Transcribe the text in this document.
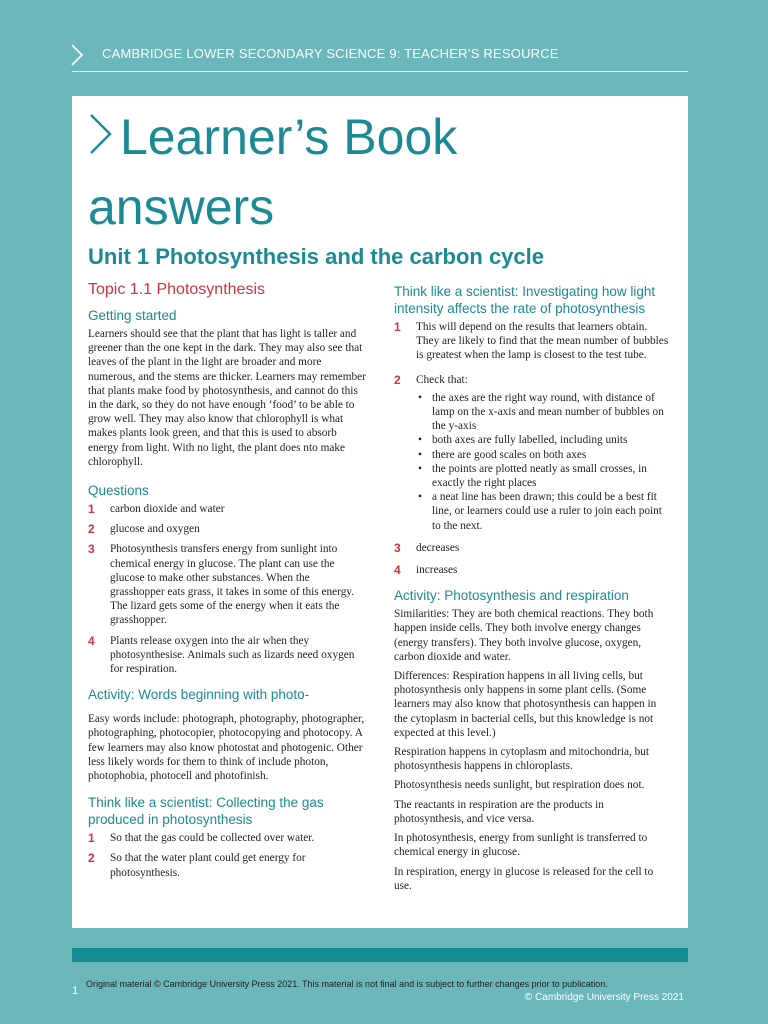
CAMBRIDGE LOWER SECONDARY SCIENCE 9: TEACHER’S RESOURCE
Learner’s Book
answers
Unit 1 Photosynthesis and the carbon cycle
Topic 1.1 Photosynthesis
Getting started

Learners should see that the plant that has light is taller and greener than the one kept in the dark. They may also see that leaves of the plant in the light are broader and more numerous, and the stems are thicker. Learners may remember that plants make food by photosynthesis, and cannot do this in the dark, so they do not have enough ‘food’ to be able to grow well. They may also know that chlorophyll is what makes plants look green, and that this is used to absorb energy from light. With no light, the plant does nto make chlorophyll.

Questions
1	carbon dioxide and water
2	glucose and oxygen
3	Photosynthesis transfers energy from sunlight into chemical energy in glucose. The plant can use the glucose to make other substances. When the grasshopper eats grass, it takes in some of this energy. The lizard gets some of the energy when it eats the grasshopper.
4	Plants release oxygen into the air when they photosynthesise. Animals such as lizards need oxygen for respiration.
Activity: Words beginning with photo-

Easy words include: photograph, photography, photographer, photographing, photocopier, photocopying and photocopy. A few learners may also know photostat and photogenic. Other less likely words for them to think of include photon, photophobia, photocell and photofinish.

Think like a scientist: Collecting the gas produced in photosynthesis
1	So that the gas could be collected over water.
2	So that the water plant could get energy for photosynthesis.
Think like a scientist: Investigating how light intensity affects the rate of photosynthesis
1	This will depend on the results that learners obtain. They are likely to find that the mean number of bubbles is greatest when the lamp is closest to the test tube.
2	Check that:
• the axes are the right way round, with distance of lamp on the x-axis and mean number of bubbles on the y-axis
• both axes are fully labelled, including units
• there are good scales on both axes
• the points are plotted neatly as small crosses, in exactly the right places
• a neat line has been drawn; this could be a best fit line, or learners could use a ruler to join each point to the next.
3	decreases
4	increases
Activity: Photosynthesis and respiration

Similarities: They are both chemical reactions. They both happen inside cells. They both involve energy changes (energy transfers). They both involve glucose, oxygen, carbon dioxide and water.

Differences: Respiration happens in all living cells, but photosynthesis only happens in some plant cells. (Some learners may also know that photosynthesis can happen in the cytoplasm in bacterial cells, but this knowledge is not expected at this level.)

Respiration happens in cytoplasm and mitochondria, but photosynthesis happens in chloroplasts.

Photosynthesis needs sunlight, but respiration does not.

The reactants in respiration are the products in photosynthesis, and vice versa.

In photosynthesis, energy from sunlight is transferred to chemical energy in glucose.

In respiration, energy in glucose is released for the cell to use.

Original material © Cambridge University Press 2021. This material is not final and is subject to further changes prior to publication.
1
© Cambridge University Press 2021
